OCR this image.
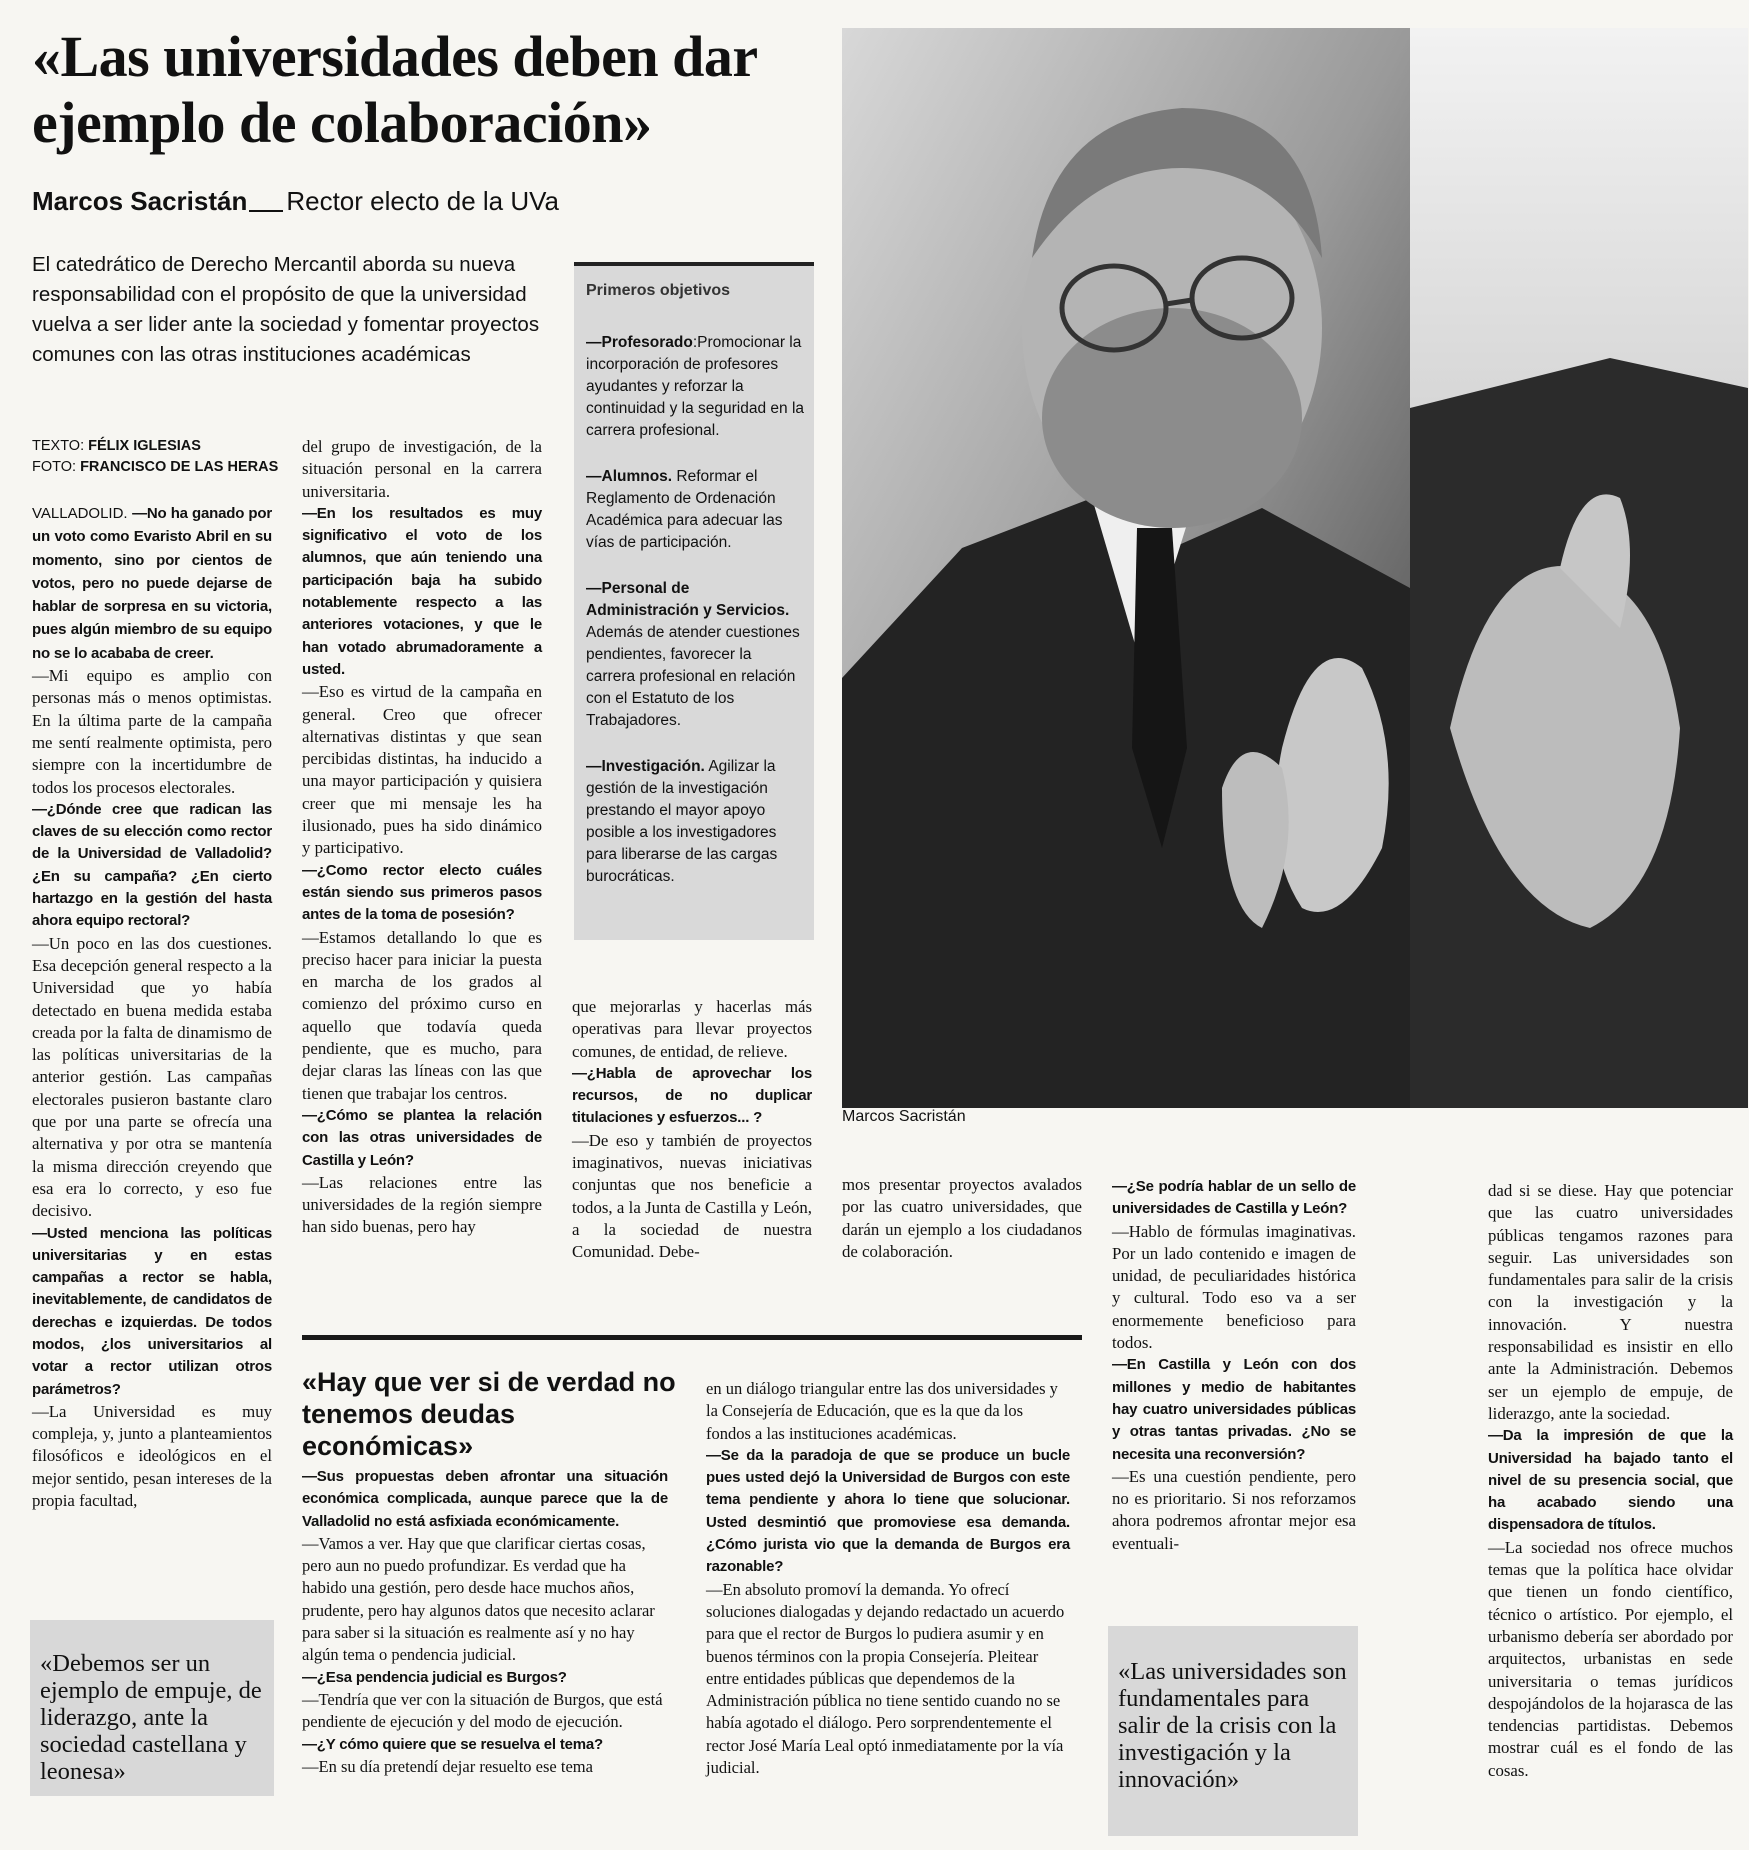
«Las universidades deben dar ejemplo de colaboración»
Marcos Sacristán Rector electo de la UVa
El catedrático de Derecho Mercantil aborda su nueva responsabilidad con el propósito de que la universidad vuelva a ser lider ante la sociedad y fomentar proyectos comunes con las otras instituciones académicas
TEXTO: FÉLIX IGLESIAS
FOTO: FRANCISCO DE LAS HERAS

VALLADOLID. —No ha ganado por un voto como Evaristo Abril en su momento, sino por cientos de votos, pero no puede dejarse de hablar de sorpresa en su victoria, pues algún miembro de su equipo no se lo acababa de creer.

—Mi equipo es amplio con personas más o menos optimistas. En la última parte de la campaña me sentí realmente optimista, pero siempre con la incertidumbre de todos los procesos electorales.

—¿Dónde cree que radican las claves de su elección como rector de la Universidad de Valladolid? ¿En su campaña? ¿En cierto hartazgo en la gestión del hasta ahora equipo rectoral?

—Un poco en las dos cuestiones. Esa decepción general respecto a la Universidad que yo había detectado en buena medida estaba creada por la falta de dinamismo de las políticas universitarias de la anterior gestión. Las campañas electorales pusieron bastante claro que por una parte se ofrecía una alternativa y por otra se mantenía la misma dirección creyendo que esa era lo correcto, y eso fue decisivo.

—Usted menciona las políticas universitarias y en estas campañas a rector se habla, inevitablemente, de candidatos de derechas e izquierdas. De todos modos, ¿los universitarios al votar a rector utilizan otros parámetros?

—La Universidad es muy compleja, y, junto a planteamientos filosóficos e ideológicos en el mejor sentido, pesan intereses de la propia facultad,

«Debemos ser un ejemplo de empuje, de liderazgo, ante la sociedad castellana y leonesa»

del grupo de investigación, de la situación personal en la carrera universitaria.

—En los resultados es muy significativo el voto de los alumnos, que aún teniendo una participación baja ha subido notablemente respecto a las anteriores votaciones, y que le han votado abrumadoramente a usted.

—Eso es virtud de la campaña en general. Creo que ofrecer alternativas distintas y que sean percibidas distintas, ha inducido a una mayor participación y quisiera creer que mi mensaje les ha ilusionado, pues ha sido dinámico y participativo.

—¿Como rector electo cuáles están siendo sus primeros pasos antes de la toma de posesión?

—Estamos detallando lo que es preciso hacer para iniciar la puesta en marcha de los grados al comienzo del próximo curso en aquello que todavía queda pendiente, que es mucho, para dejar claras las líneas con las que tienen que trabajar los centros.

—¿Cómo se plantea la relación con las otras universidades de Castilla y León?

—Las relaciones entre las universidades de la región siempre han sido buenas, pero hay

Primeros objetivos

—Profesorado:Promocionar la incorporación de profesores ayudantes y reforzar la continuidad y la seguridad en la carrera profesional.

—Alumnos. Reformar el Reglamento de Ordenación Académica para adecuar las vías de participación.

—Personal de Administración y Servicios. Además de atender cuestiones pendientes, favorecer la carrera profesional en relación con el Estatuto de los Trabajadores.

—Investigación. Agilizar la gestión de la investigación prestando el mayor apoyo posible a los investigadores para liberarse de las cargas burocráticas.

que mejorarlas y hacerlas más operativas para llevar proyectos comunes, de entidad, de relieve.

—¿Habla de aprovechar los recursos, de no duplicar titulaciones y esfuerzos... ?

—De eso y también de proyectos imaginativos, nuevas iniciativas conjuntas que nos beneficie a todos, a la Junta de Castilla y León, a la sociedad de nuestra Comunidad. Debe-

Marcos Sacristán

mos presentar proyectos avalados por las cuatro universidades, que darán un ejemplo a los ciudadanos de colaboración.

—¿Se podría hablar de un sello de universidades de Castilla y León?

—Hablo de fórmulas imaginativas. Por un lado contenido e imagen de unidad, de peculiaridades histórica y cultural. Todo eso va a ser enormemente beneficioso para todos.

—En Castilla y León con dos millones y medio de habitantes hay cuatro universidades públicas y otras tantas privadas. ¿No se necesita una reconversión?

—Es una cuestión pendiente, pero no es prioritario. Si nos reforzamos ahora podremos afrontar mejor esa eventuali-

«Las universidades son fundamentales para salir de la crisis con la investigación y la innovación»

dad si se diese. Hay que potenciar que las cuatro universidades públicas tengamos razones para seguir. Las universidades son fundamentales para salir de la crisis con la investigación y la innovación. Y nuestra responsabilidad es insistir en ello ante la Administración. Debemos ser un ejemplo de empuje, de liderazgo, ante la sociedad.

—Da la impresión de que la Universidad ha bajado tanto el nivel de su presencia social, que ha acabado siendo una dispensadora de títulos.

—La sociedad nos ofrece muchos temas que la política hace olvidar que tienen un fondo científico, técnico o artístico. Por ejemplo, el urbanismo debería ser abordado por arquitectos, urbanistas en sede universitaria o temas jurídicos despojándolos de la hojarasca de las tendencias partidistas. Debemos mostrar cuál es el fondo de las cosas.

«Hay que ver si de verdad no tenemos deudas económicas»

—Sus propuestas deben afrontar una situación económica complicada, aunque parece que la de Valladolid no está asfixiada económicamente.

—Vamos a ver. Hay que que clarificar ciertas cosas, pero aun no puedo profundizar. Es verdad que ha habido una gestión, pero desde hace muchos años, prudente, pero hay algunos datos que necesito aclarar para saber si la situación es realmente así y no hay algún tema o pendencia judicial.

—¿Esa pendencia judicial es Burgos?

—Tendría que ver con la situación de Burgos, que está pendiente de ejecución y del modo de ejecución.

—¿Y cómo quiere que se resuelva el tema?

—En su día pretendí dejar resuelto ese tema

en un diálogo triangular entre las dos universidades y la Consejería de Educación, que es la que da los fondos a las instituciones académicas.

—Se da la paradoja de que se produce un bucle pues usted dejó la Universidad de Burgos con este tema pendiente y ahora lo tiene que solucionar. Usted desmintió que promoviese esa demanda. ¿Cómo jurista vio que la demanda de Burgos era razonable?

—En absoluto promoví la demanda. Yo ofrecí soluciones dialogadas y dejando redactado un acuerdo para que el rector de Burgos lo pudiera asumir y en buenos términos con la propia Consejería. Pleitear entre entidades públicas que dependemos de la Administración pública no tiene sentido cuando no se había agotado el diálogo. Pero sorprendentemente el rector José María Leal optó inmediatamente por la vía judicial.
